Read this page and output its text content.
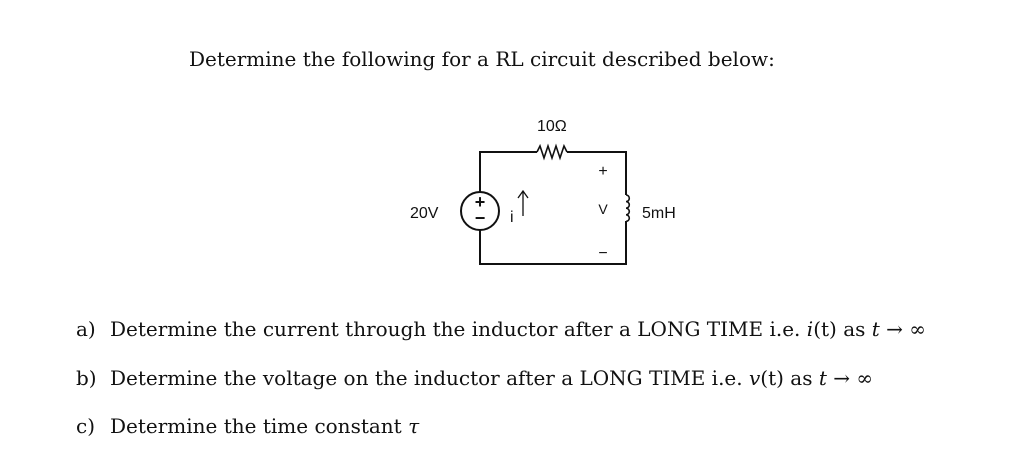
Determine the following for a RL circuit described below:
10Ω
+
−
20V	i	5mH
+
V
−
a) Determine the current through the inductor after a LONG TIME i.e. i(t) as t → ∞
b) Determine the voltage on the inductor after a LONG TIME i.e. v(t) as t → ∞
c) Determine the time constant τ
